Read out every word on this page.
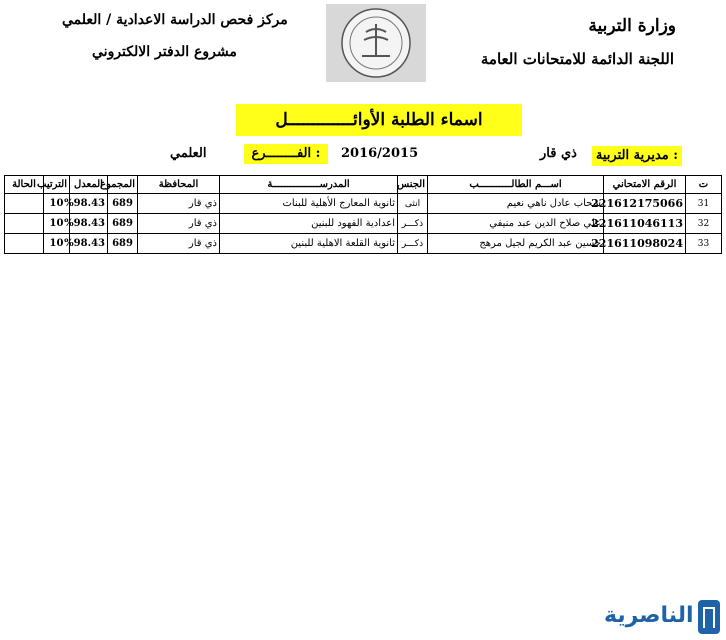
وزارة التربية
اللجنة الدائمة للامتحانات العامة
مركز فحص الدراسة الاعدادية / العلمي
مشروع الدفتر الالكتروني
اسماء الطلبة الأوائـــــــــــــل
مديرية التربية :
ذي قار
2016/2015
الفــــــــرع :
العلمي
ت	الرقم الامتحاني	اســـم الطالـــــــــــب	الجنس	المدرســــــــــــــــة	المحافظة	المجموع	المعدل	الترتيب	الحالة
31	221612175066	سحاب عادل ناهي نعيم	انثى	ثانوية المعارج الأهلية للبنات	ذي قار	689	%98.43	10	
32	221611046113	علي صلاح الدين عبد منيفي	ذكـــر	اعدادية الفهود للبنين	ذي قار	689	%98.43	10	
33	221611098024	حسين عبد الكريم لجيل مرهج	ذكـــر	ثانوية القلعة الاهلية للبنين	ذي قار	689	%98.43	10	
الناصرية
